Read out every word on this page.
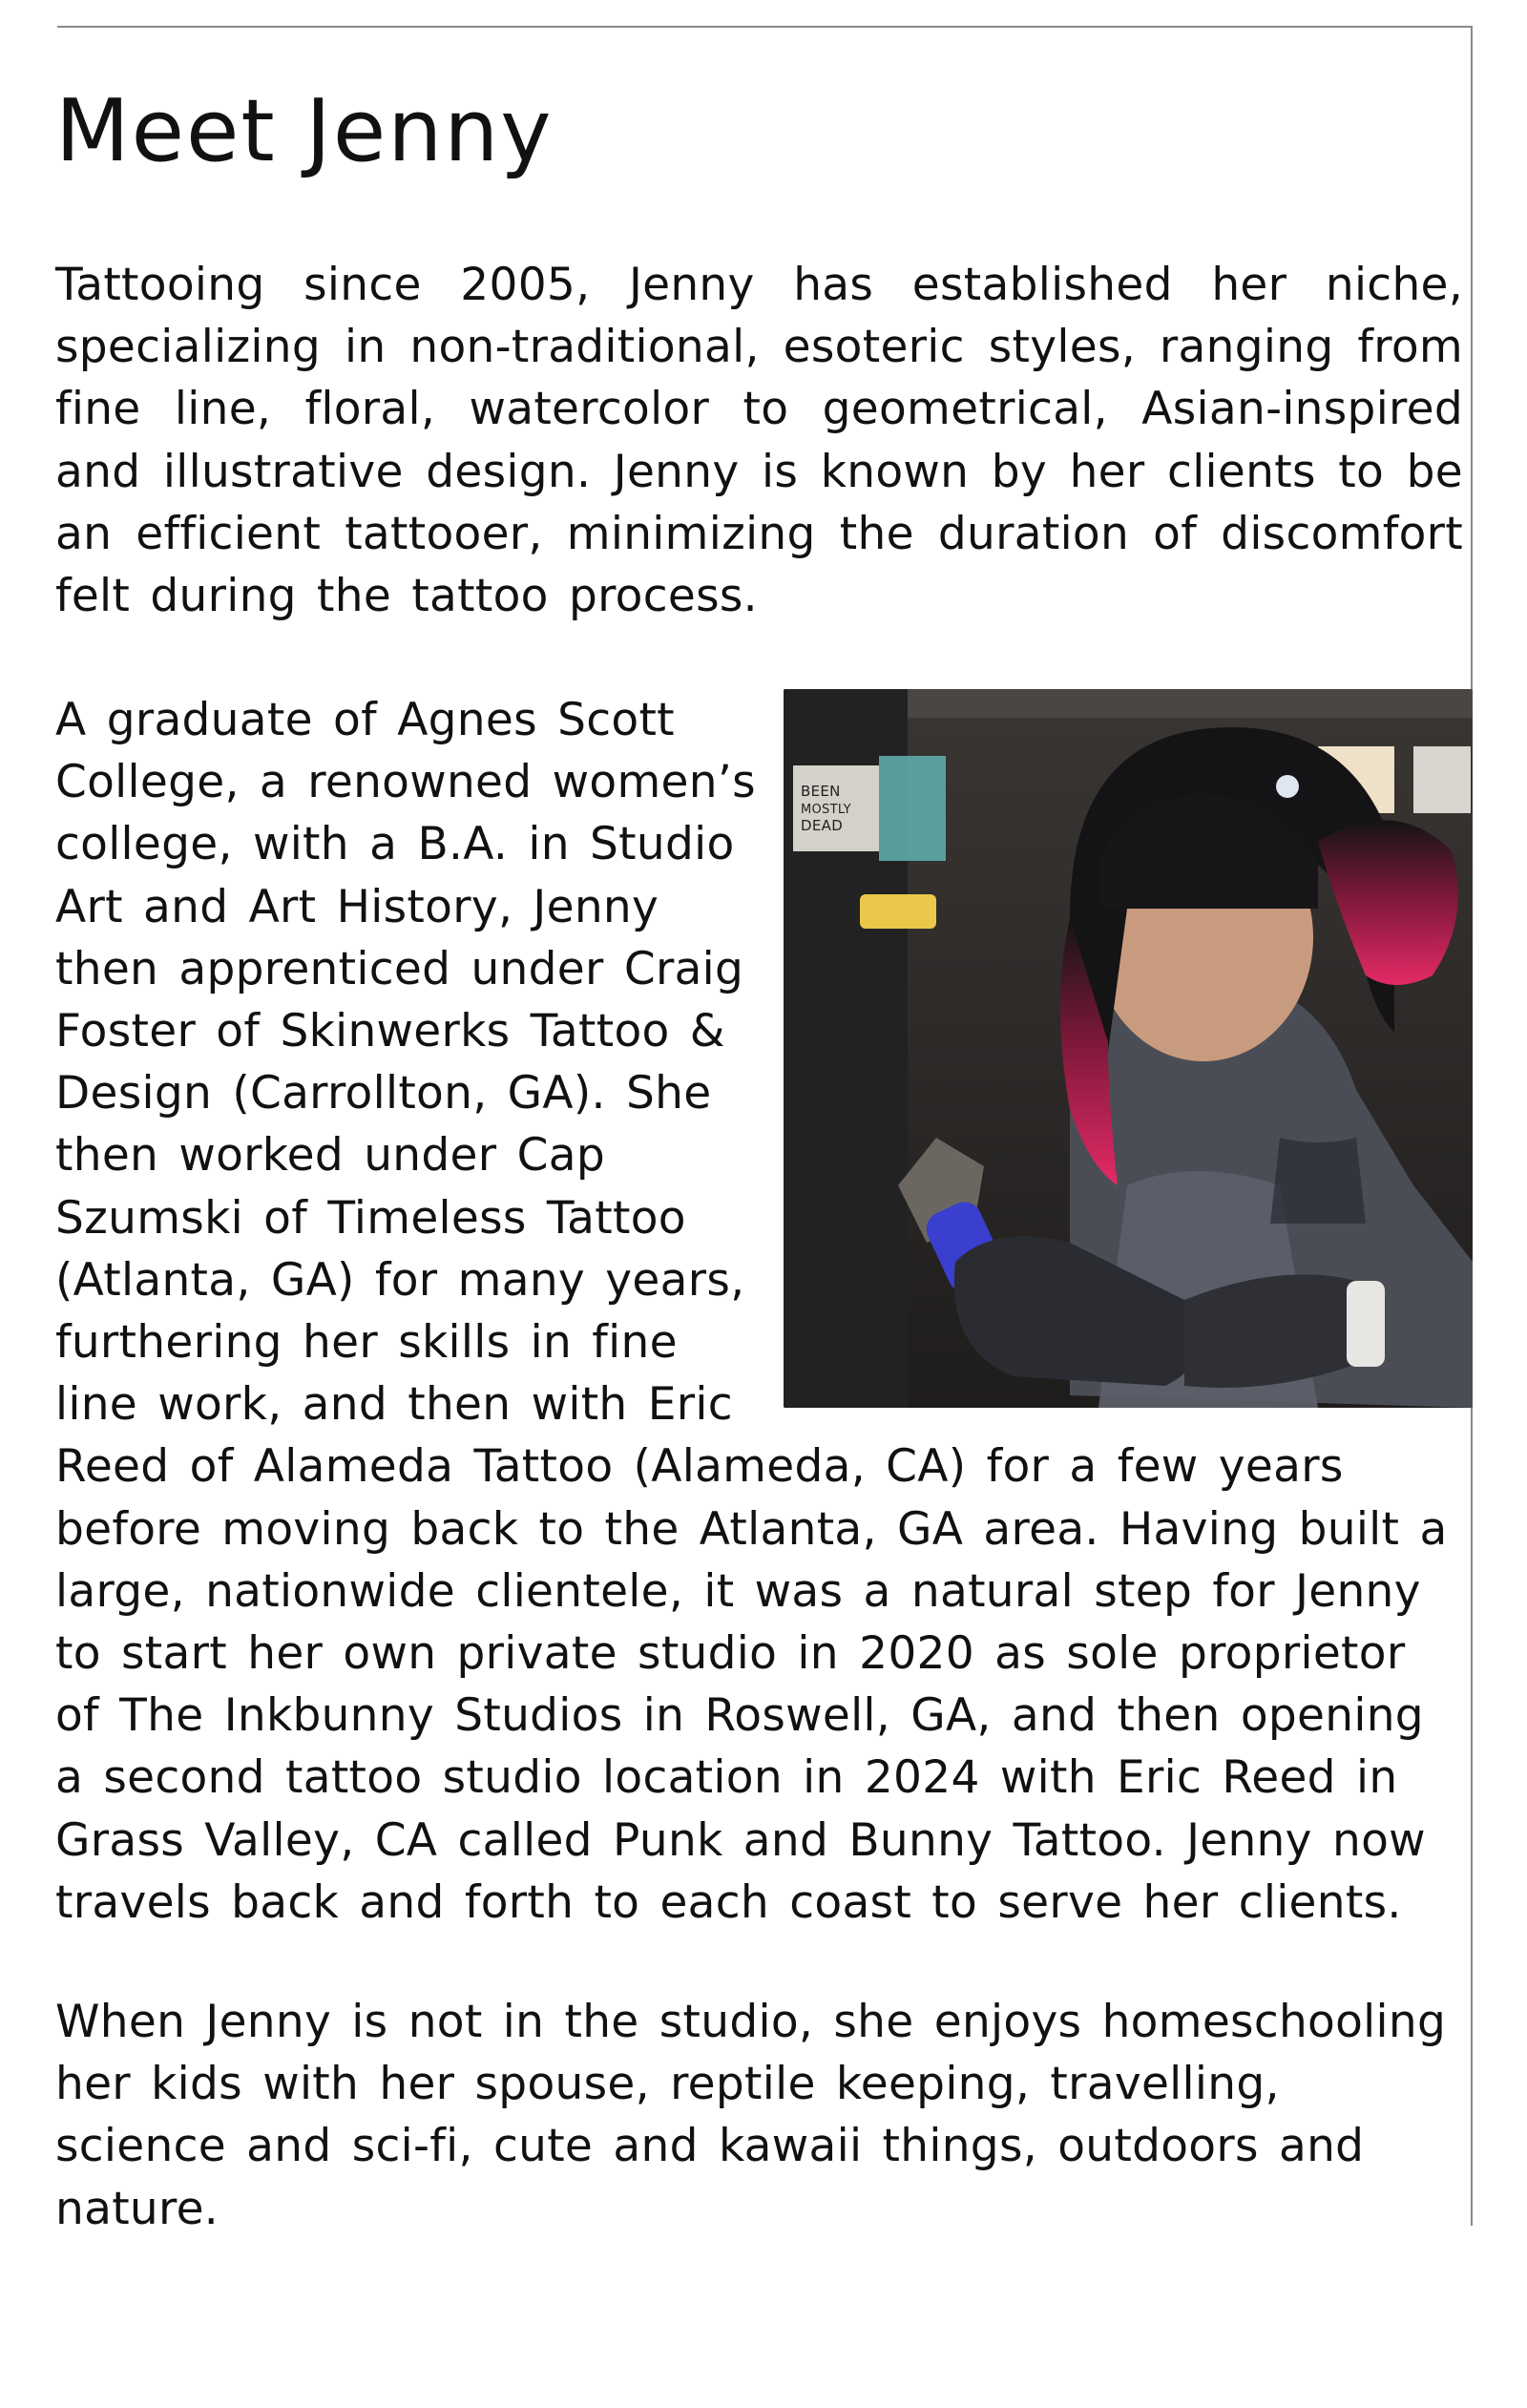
Meet Jenny

Tattooing since 2005, Jenny has established her niche, specializing in non-traditional, esoteric styles, ranging from fine line, floral, watercolor to geometrical, Asian-inspired and illustrative design. Jenny is known by her clients to be an efficient tattooer, minimizing the duration of discomfort felt during the tattoo process.

BEEN
MOSTLY
DEAD
A graduate of Agnes Scott College, a renowned women’s college, with a B.A. in Studio Art and Art History, Jenny then apprenticed under Craig Foster of Skinwerks Tattoo & Design (Carrollton, GA). She then worked under Cap Szumski of Timeless Tattoo (Atlanta, GA) for many years, furthering her skills in fine line work, and then with Eric Reed of Alameda Tattoo (Alameda, CA) for a few years before moving back to the Atlanta, GA area. Having built a large, nationwide clientele, it was a natural step for Jenny to start her own private studio in 2020 as sole proprietor of The Inkbunny Studios in Roswell, GA, and then opening a second tattoo studio location in 2024 with Eric Reed in Grass Valley, CA called Punk and Bunny Tattoo. Jenny now travels back and forth to each coast to serve her clients.

When Jenny is not in the studio, she enjoys homeschooling her kids with her spouse, reptile keeping, travelling, science and sci-fi, cute and kawaii things, outdoors and nature.
